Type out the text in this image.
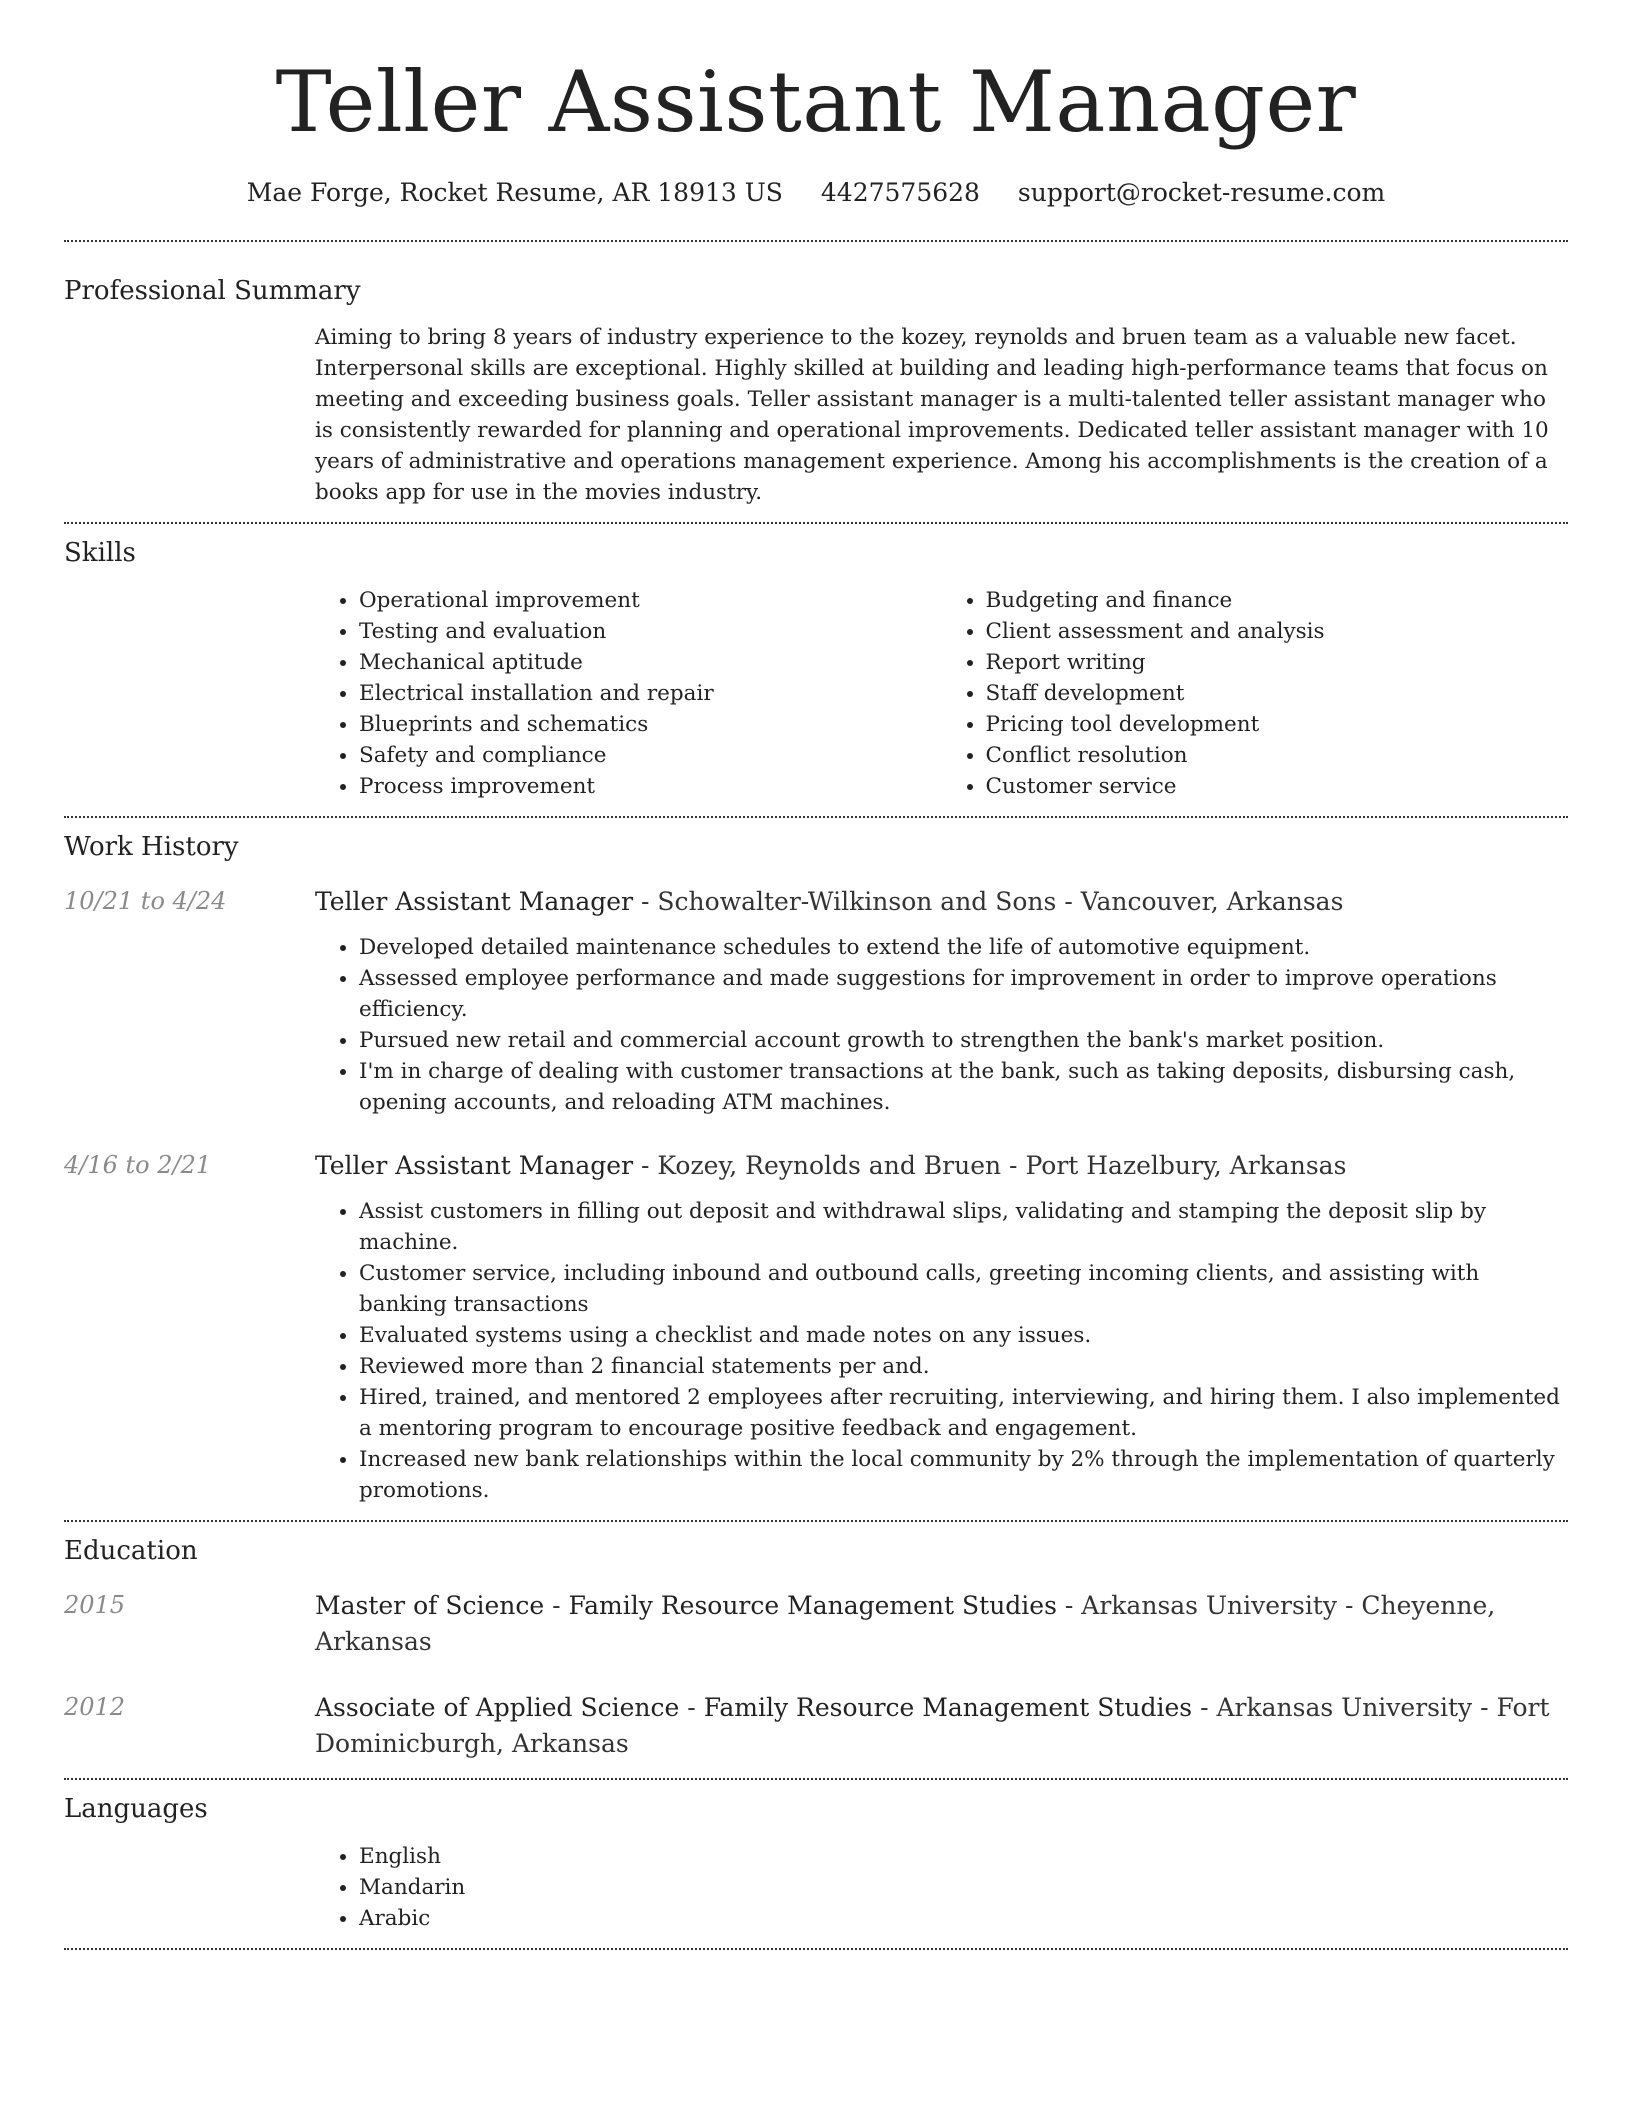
Teller Assistant Manager
Mae Forge, Rocket Resume, AR 18913 US 4427575628 support@rocket-resume.com
Professional Summary

Aiming to bring 8 years of industry experience to the kozey, reynolds and bruen team as a valuable new facet. Interpersonal skills are exceptional. Highly skilled at building and leading high-performance teams that focus on meeting and exceeding business goals. Teller assistant manager is a multi-talented teller assistant manager who is consistently rewarded for planning and operational improvements. Dedicated teller assistant manager with 10 years of administrative and operations management experience. Among his accomplishments is the creation of a books app for use in the movies industry.

Skills
• Operational improvement
• Testing and evaluation
• Mechanical aptitude
• Electrical installation and repair
• Blueprints and schematics
• Safety and compliance
• Process improvement
• Budgeting and finance
• Client assessment and analysis
• Report writing
• Staff development
• Pricing tool development
• Conflict resolution
• Customer service
Work History
10/21 to 4/24	Teller Assistant Manager - Schowalter-Wilkinson and Sons - Vancouver, Arkansas
• Developed detailed maintenance schedules to extend the life of automotive equipment.
• Assessed employee performance and made suggestions for improvement in order to improve operations efficiency.
• Pursued new retail and commercial account growth to strengthen the bank's market position.
• I'm in charge of dealing with customer transactions at the bank, such as taking deposits, disbursing cash, opening accounts, and reloading ATM machines.
4/16 to 2/21	Teller Assistant Manager - Kozey, Reynolds and Bruen - Port Hazelbury, Arkansas
• Assist customers in filling out deposit and withdrawal slips, validating and stamping the deposit slip by machine.
• Customer service, including inbound and outbound calls, greeting incoming clients, and assisting with banking transactions
• Evaluated systems using a checklist and made notes on any issues.
• Reviewed more than 2 financial statements per and.
• Hired, trained, and mentored 2 employees after recruiting, interviewing, and hiring them. I also implemented a mentoring program to encourage positive feedback and engagement.
• Increased new bank relationships within the local community by 2% through the implementation of quarterly promotions.
Education
2015	Master of Science - Family Resource Management Studies - Arkansas University - Cheyenne, Arkansas
2012	Associate of Applied Science - Family Resource Management Studies - Arkansas University - Fort Dominicburgh, Arkansas
Languages
• English
• Mandarin
• Arabic
